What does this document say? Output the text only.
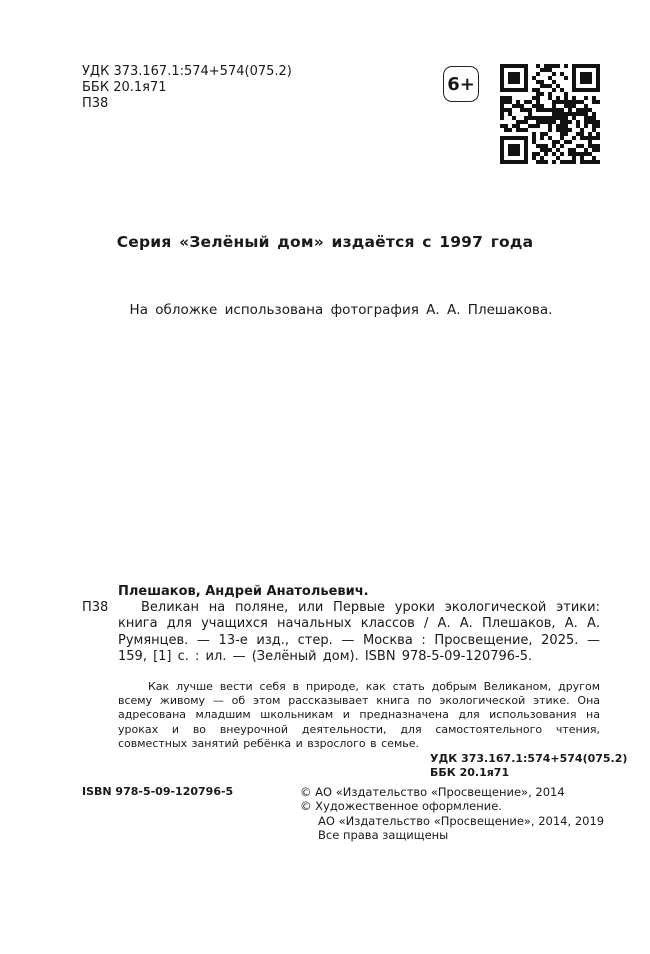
УДК 373.167.1:574+574(075.2)
ББК 20.1я71
П38
6+
Серия «Зелёный дом» издаётся с 1997 года
На обложке использована фотография А. А. Плешакова.
Плешаков, Андрей Анатольевич.
П38	Великан на поляне, или Первые уроки экологической этики: книга для учащихся начальных классов / А. А. Плешаков, А. А. Румянцев. — 13-е изд., стер. — Москва : Просвещение, 2025. — 159, [1] с. : ил. — (Зелёный дом). ISBN 978-5-09-120796-5.
Как лучше вести себя в природе, как стать добрым Великаном, другом всему живому — об этом рассказывает книга по экологической этике. Она адресована младшим школьникам и предназначена для использования на уроках и во внеурочной деятельности, для самостоятельного чтения, совместных занятий ребёнка и взрослого в семье.
УДК 373.167.1:574+574(075.2)
ББК 20.1я71
ISBN 978-5-09-120796-5	© АО «Издательство «Просвещение», 2014
© Художественное оформление.
АО «Издательство «Просвещение», 2014, 2019
Все права защищены
